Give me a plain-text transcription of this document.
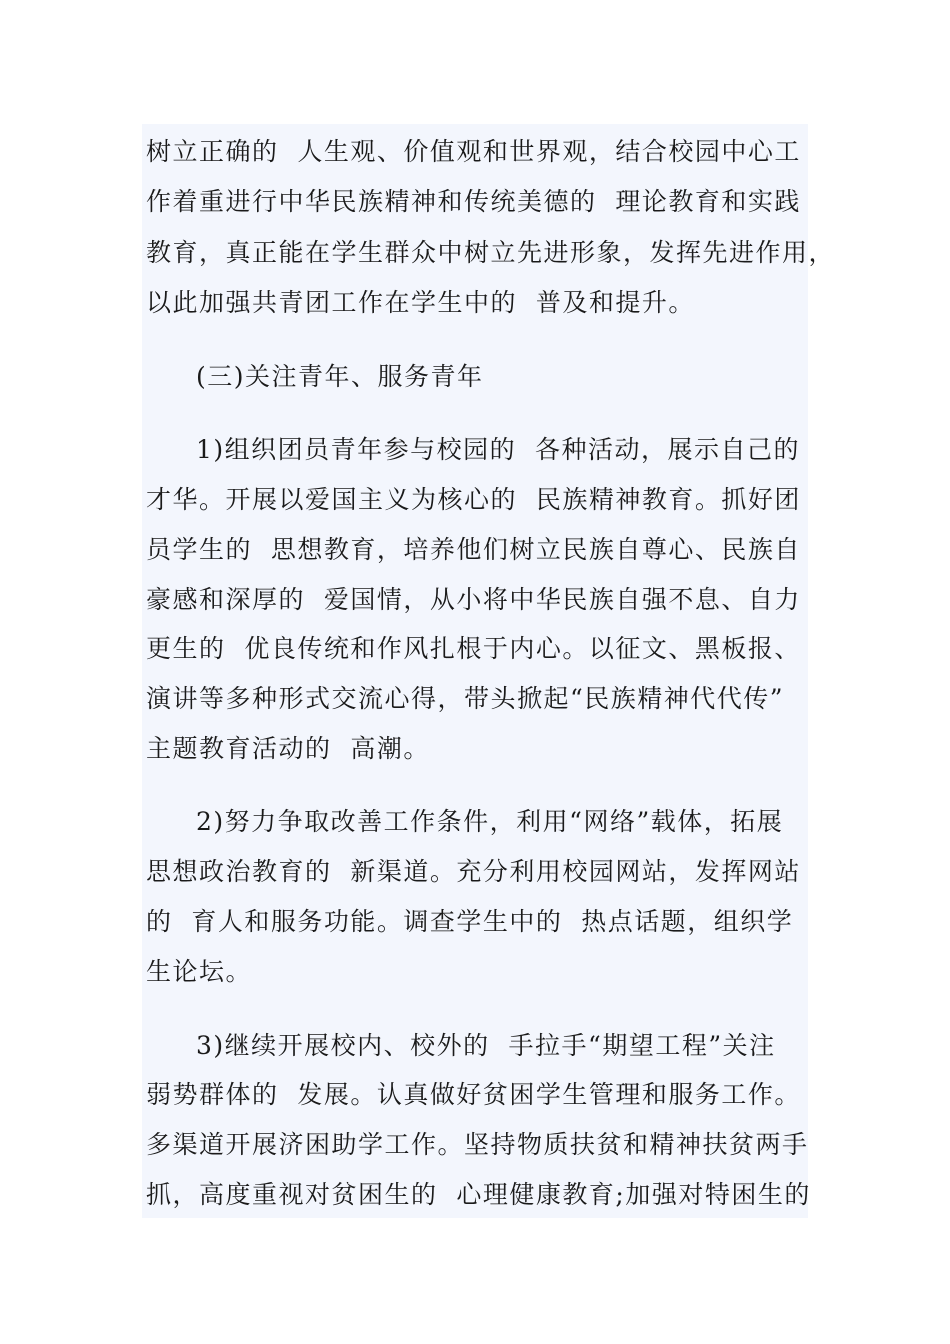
树立正确的  人生观、价值观和世界观，结合校园中心工
作着重进行中华民族精神和传统美德的  理论教育和实践
教育，真正能在学生群众中树立先进形象，发挥先进作用，
以此加强共青团工作在学生中的  普及和提升。
(三)关注青年、服务青年
1)组织团员青年参与校园的  各种活动，展示自己的
才华。开展以爱国主义为核心的  民族精神教育。抓好团
员学生的  思想教育，培养他们树立民族自尊心、民族自
豪感和深厚的  爱国情，从小将中华民族自强不息、自力
更生的  优良传统和作风扎根于内心。以征文、黑板报、
演讲等多种形式交流心得，带头掀起“民族精神代代传”
主题教育活动的  高潮。
2)努力争取改善工作条件，利用“网络”载体，拓展
思想政治教育的  新渠道。充分利用校园网站，发挥网站
的  育人和服务功能。调查学生中的  热点话题，组织学
生论坛。
3)继续开展校内、校外的  手拉手“期望工程”关注
弱势群体的  发展。认真做好贫困学生管理和服务工作。
多渠道开展济困助学工作。坚持物质扶贫和精神扶贫两手
抓，高度重视对贫困生的  心理健康教育;加强对特困生的
